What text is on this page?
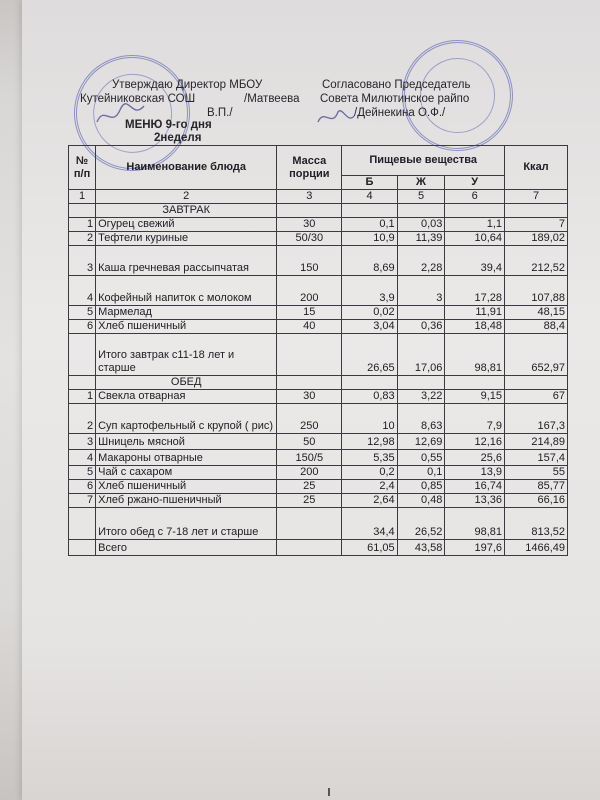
Утверждаю Директор МБОУ
Кутейниковская СОШ	/Матвеева
В.П./
Согласовано Председатель
Совета Милютинское райпо
/Дейнекина О.Ф./
МЕНЮ 9-го дня
2неделя
№ п/п	Наименование блюда	Масса порции	Пищевые вещества			Ккал
			Б	Ж	У	
1	2	3	4	5	6	7
	ЗАВТРАК					
1	Огурец свежий	30	0,1	0,03	1,1	7
2	Тефтели куриные	50/30	10,9	11,39	10,64	189,02
3	Каша гречневая рассыпчатая	150	8,69	2,28	39,4	212,52
4	Кофейный напиток с молоком	200	3,9	3	17,28	107,88
5	Мармелад	15	0,02		11,91	48,15
6	Хлеб пшеничный	40	3,04	0,36	18,48	88,4
	Итого завтрак с11-18 лет и старше		26,65	17,06	98,81	652,97
	ОБЕД					
1	Свекла отварная	30	0,83	3,22	9,15	67
2	Суп картофельный с крупой ( рис)	250	10	8,63	7,9	167,3
3	Шницель мясной	50	12,98	12,69	12,16	214,89
4	Макароны отварные	150/5	5,35	0,55	25,6	157,4
5	Чай с сахаром	200	0,2	0,1	13,9	55
6	Хлеб пшеничный	25	2,4	0,85	16,74	85,77
7	Хлеб ржано-пшеничный	25	2,64	0,48	13,36	66,16
	Итого обед с 7-18 лет и старше		34,4	26,52	98,81	813,52
	Всего		61,05	43,58	197,6	1466,49
